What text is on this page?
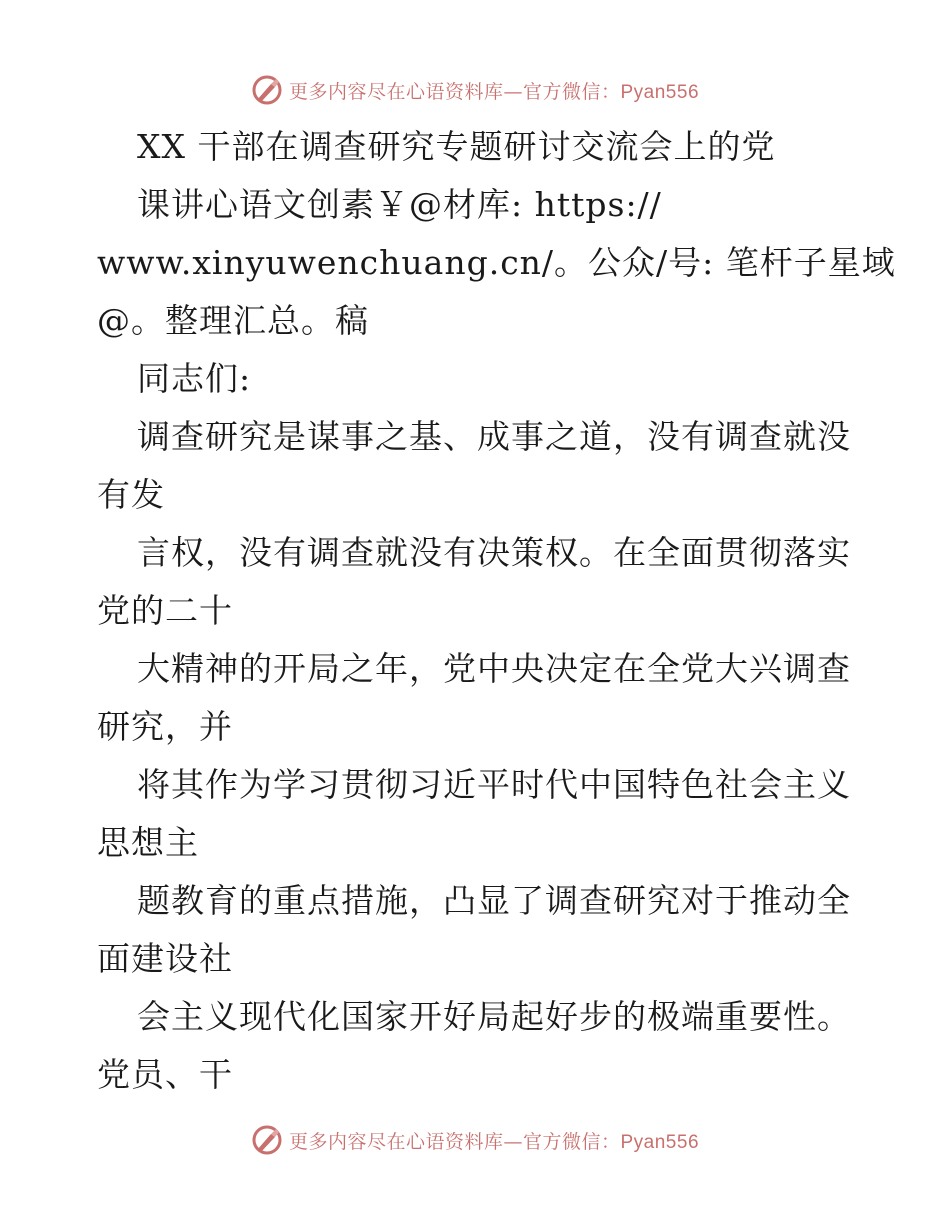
更多内容尽在心语资料库—官方微信：Pyan556
XX 干部在调查研究专题研讨交流会上的党
课讲心语文创素￥@材库: https://
www.xinyuwenchuang.cn/。公众/号: 笔杆子星域
@。整理汇总。稿
同志们:
调查研究是谋事之基、成事之道，没有调查就没
有发
言权，没有调查就没有决策权。在全面贯彻落实
党的二十
大精神的开局之年，党中央决定在全党大兴调查
研究，并
将其作为学习贯彻习近平时代中国特色社会主义
思想主
题教育的重点措施，凸显了调查研究对于推动全
面建设社
会主义现代化国家开好局起好步的极端重要性。
党员、干
更多内容尽在心语资料库—官方微信：Pyan556
